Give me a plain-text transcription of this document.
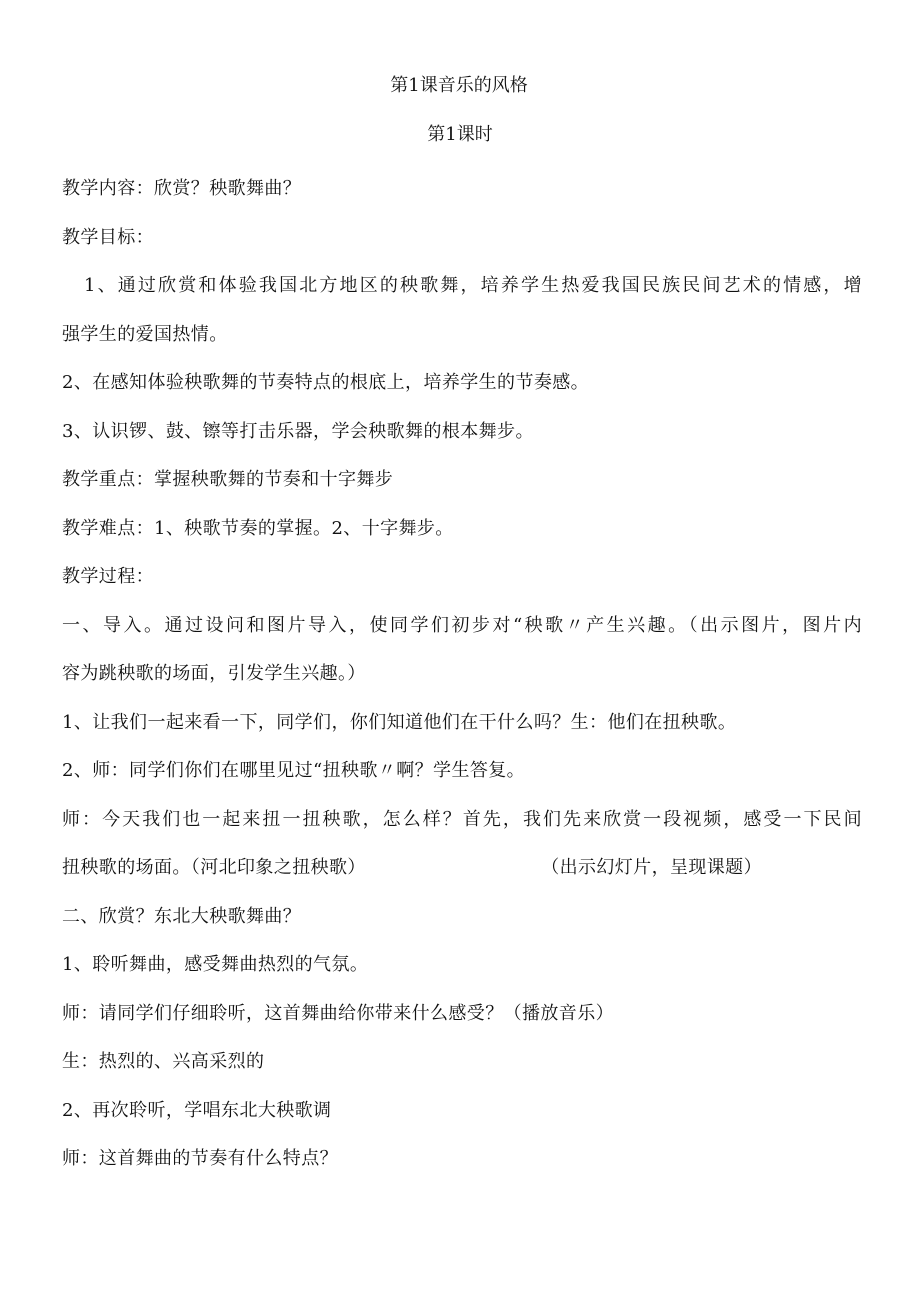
第1课音乐的风格
第1课时
教学内容：欣赏？秧歌舞曲？
教学目标：
1、通过欣赏和体验我国北方地区的秧歌舞，培养学生热爱我国民族民间艺术的情感，增
强学生的爱国热情。
2、在感知体验秧歌舞的节奏特点的根底上，培养学生的节奏感。
3、认识锣、鼓、镲等打击乐器，学会秧歌舞的根本舞步。
教学重点：掌握秧歌舞的节奏和十字舞步
教学难点：1、秧歌节奏的掌握。2、十字舞步。
教学过程：
一、导入。通过设问和图片导入，使同学们初步对“秧歌〃产生兴趣。（出示图片，图片内
容为跳秧歌的场面，引发学生兴趣。）
1、让我们一起来看一下，同学们，你们知道他们在干什么吗？生：他们在扭秧歌。
2、师：同学们你们在哪里见过“扭秧歌〃啊？学生答复。
师：今天我们也一起来扭一扭秧歌，怎么样？首先，我们先来欣赏一段视频，感受一下民间
扭秧歌的场面。（河北印象之扭秧歌）	（出示幻灯片，呈现课题）
二、欣赏？东北大秧歌舞曲？
1、聆听舞曲，感受舞曲热烈的气氛。
师：请同学们仔细聆听，这首舞曲给你带来什么感受？（播放音乐）
生：热烈的、兴高采烈的
2、再次聆听，学唱东北大秧歌调
师：这首舞曲的节奏有什么特点？
